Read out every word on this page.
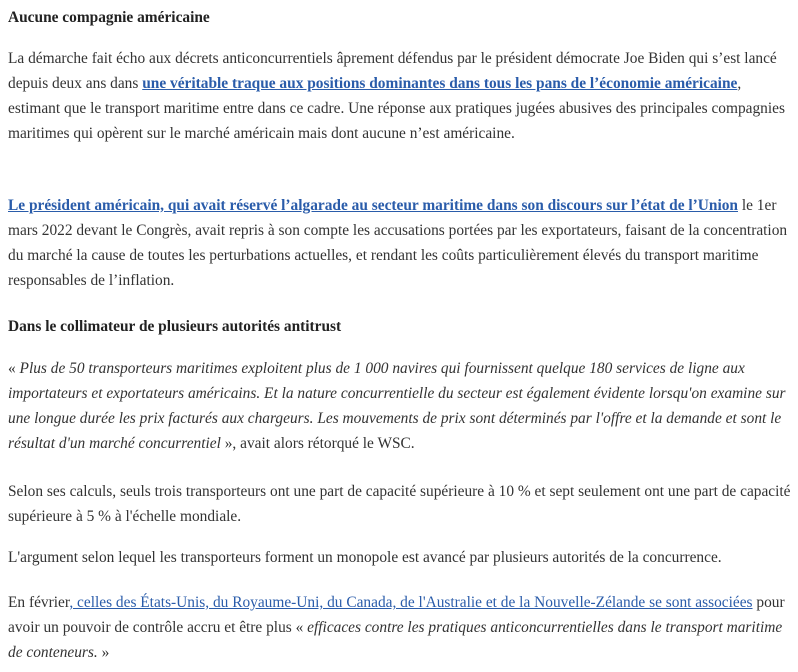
Aucune compagnie américaine

La démarche fait écho aux décrets anticoncurrentiels âprement défendus par le président démocrate Joe Biden qui s’est lancé depuis deux ans dans une véritable traque aux positions dominantes dans tous les pans de l’économie américaine, estimant que le transport maritime entre dans ce cadre. Une réponse aux pratiques jugées abusives des principales compagnies maritimes qui opèrent sur le marché américain mais dont aucune n’est américaine.

Le président américain, qui avait réservé l’algarade au secteur maritime dans son discours sur l’état de l’Union le 1er mars 2022 devant le Congrès, avait repris à son compte les accusations portées par les exportateurs, faisant de la concentration du marché la cause de toutes les perturbations actuelles, et rendant les coûts particulièrement élevés du transport maritime responsables de l’inflation.

Dans le collimateur de plusieurs autorités antitrust

« Plus de 50 transporteurs maritimes exploitent plus de 1 000 navires qui fournissent quelque 180 services de ligne aux importateurs et exportateurs américains. Et la nature concurrentielle du secteur est également évidente lorsqu'on examine sur une longue durée les prix facturés aux chargeurs. Les mouvements de prix sont déterminés par l'offre et la demande et sont le résultat d'un marché concurrentiel », avait alors rétorqué le WSC.

Selon ses calculs, seuls trois transporteurs ont une part de capacité supérieure à 10 % et sept seulement ont une part de capacité supérieure à 5 % à l'échelle mondiale.

L'argument selon lequel les transporteurs forment un monopole est avancé par plusieurs autorités de la concurrence.

En février, celles des États-Unis, du Royaume-Uni, du Canada, de l'Australie et de la Nouvelle-Zélande se sont associées pour avoir un pouvoir de contrôle accru et être plus « efficaces contre les pratiques anticoncurrentielles dans le transport maritime de conteneurs. »
